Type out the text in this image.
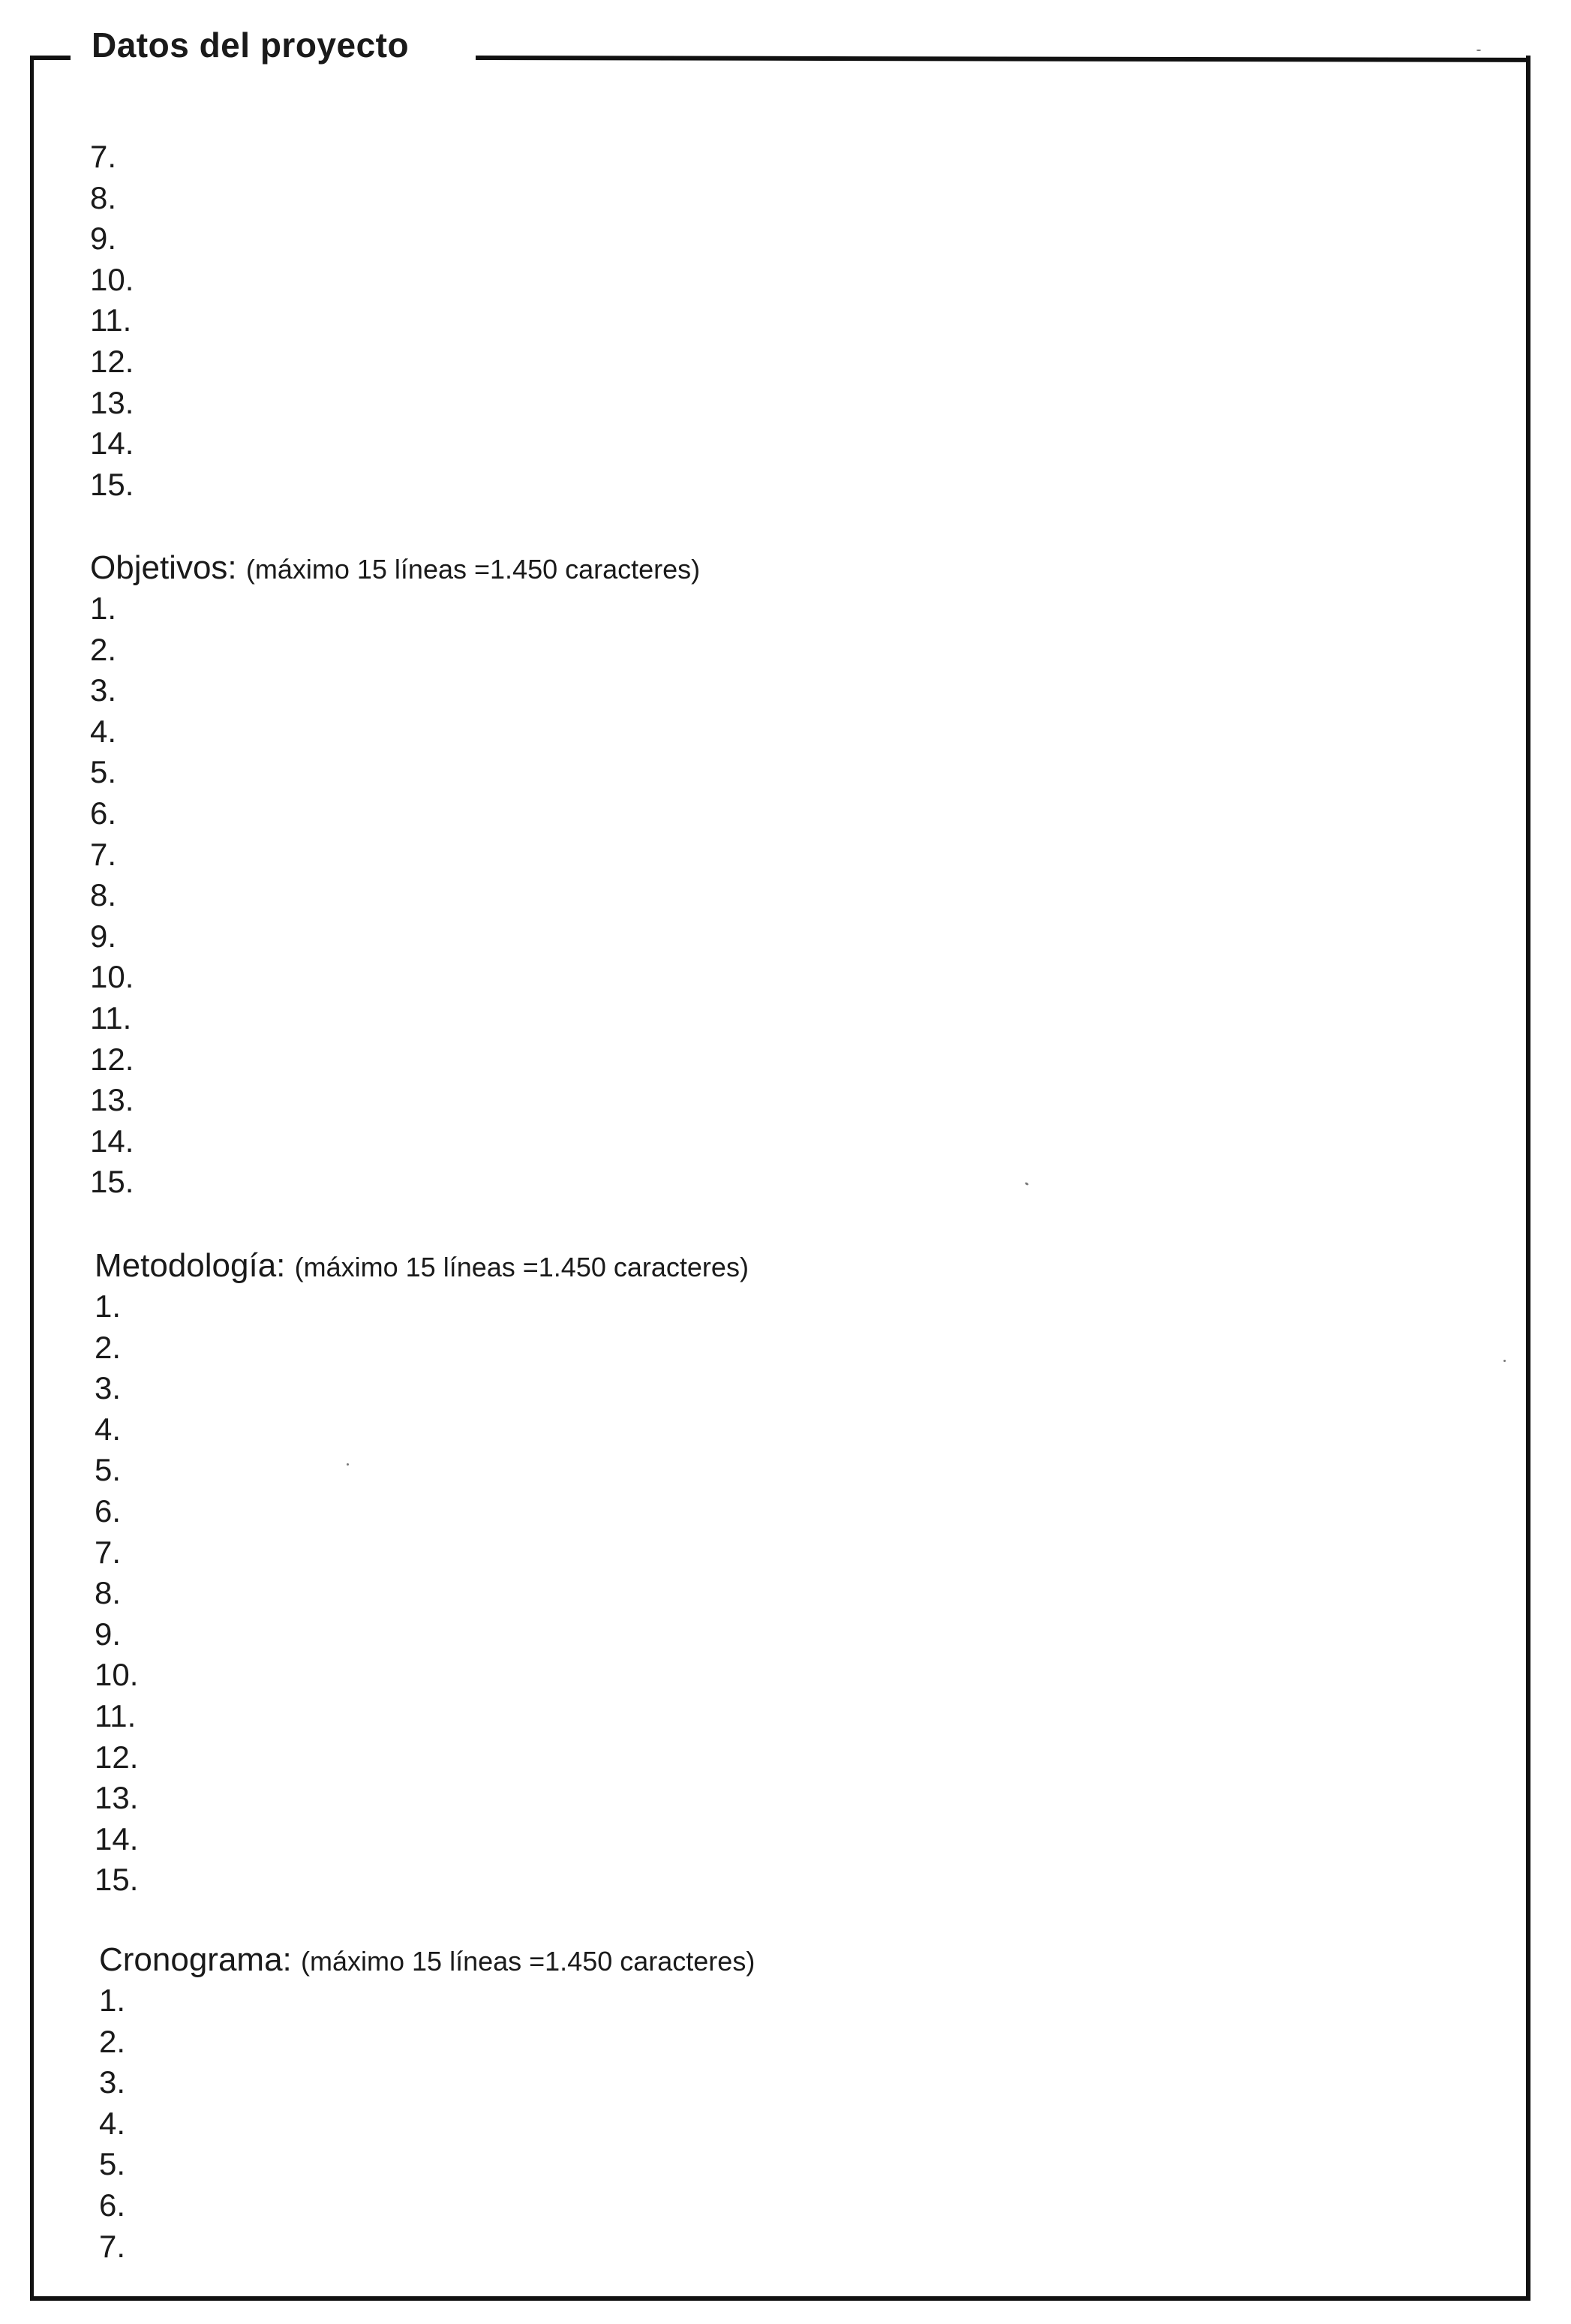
Datos del proyecto
7.
8.
9.
10.
11.
12.
13.
14.
15.
Objetivos: (máximo 15 líneas =1.450 caracteres)
1.
2.
3.
4.
5.
6.
7.
8.
9.
10.
11.
12.
13.
14.
15.
Metodología: (máximo 15 líneas =1.450 caracteres)
1.
2.
3.
4.
5.
6.
7.
8.
9.
10.
11.
12.
13.
14.
15.
Cronograma: (máximo 15 líneas =1.450 caracteres)
1.
2.
3.
4.
5.
6.
7.
